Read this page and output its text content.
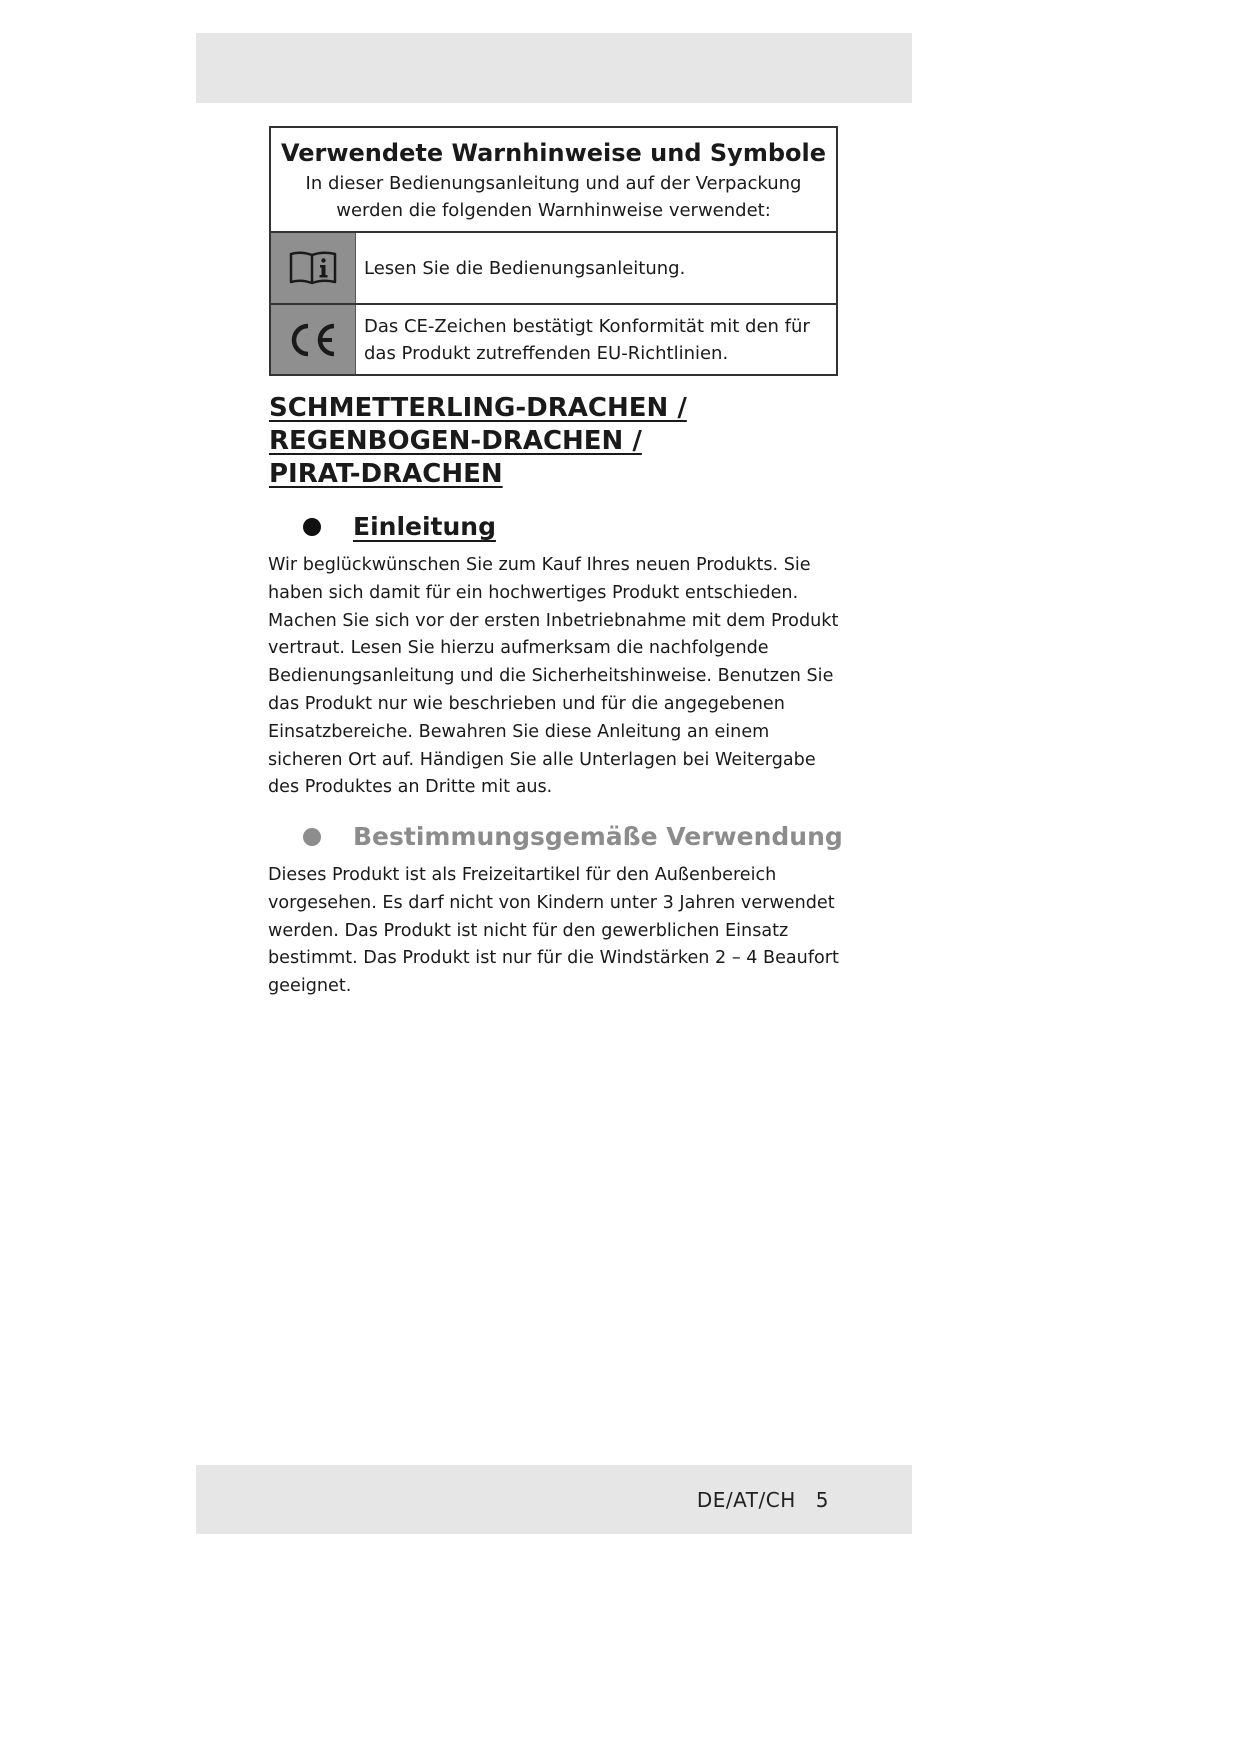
Verwendete Warnhinweise und Symbole
In dieser Bedienungsanleitung und auf der Verpackung werden die folgenden Warnhinweise verwendet:
Lesen Sie die Bedienungsanleitung.
Das CE-Zeichen bestätigt Konformität mit den für das Produkt zutreffenden EU-Richtlinien.
SCHMETTERLING-DRACHEN /
REGENBOGEN-DRACHEN /
PIRAT-DRACHEN
Einleitung

Wir beglückwünschen Sie zum Kauf Ihres neuen Produkts. Sie haben sich damit für ein hochwertiges Produkt entschieden. Machen Sie sich vor der ersten Inbetriebnahme mit dem Produkt vertraut. Lesen Sie hierzu aufmerksam die nachfolgende Bedienungsanleitung und die Sicherheitshinweise. Benutzen Sie das Produkt nur wie beschrieben und für die angegebenen Einsatzbereiche. Bewahren Sie diese Anleitung an einem sicheren Ort auf. Händigen Sie alle Unterlagen bei Weitergabe des Produktes an Dritte mit aus.

Bestimmungsgemäße Verwendung

Dieses Produkt ist als Freizeitartikel für den Außenbereich vorgesehen. Es darf nicht von Kindern unter 3 Jahren verwendet werden. Das Produkt ist nicht für den gewerblichen Einsatz bestimmt. Das Produkt ist nur für die Windstärken 2 – 4 Beaufort geeignet.

DE/AT/CH 5
